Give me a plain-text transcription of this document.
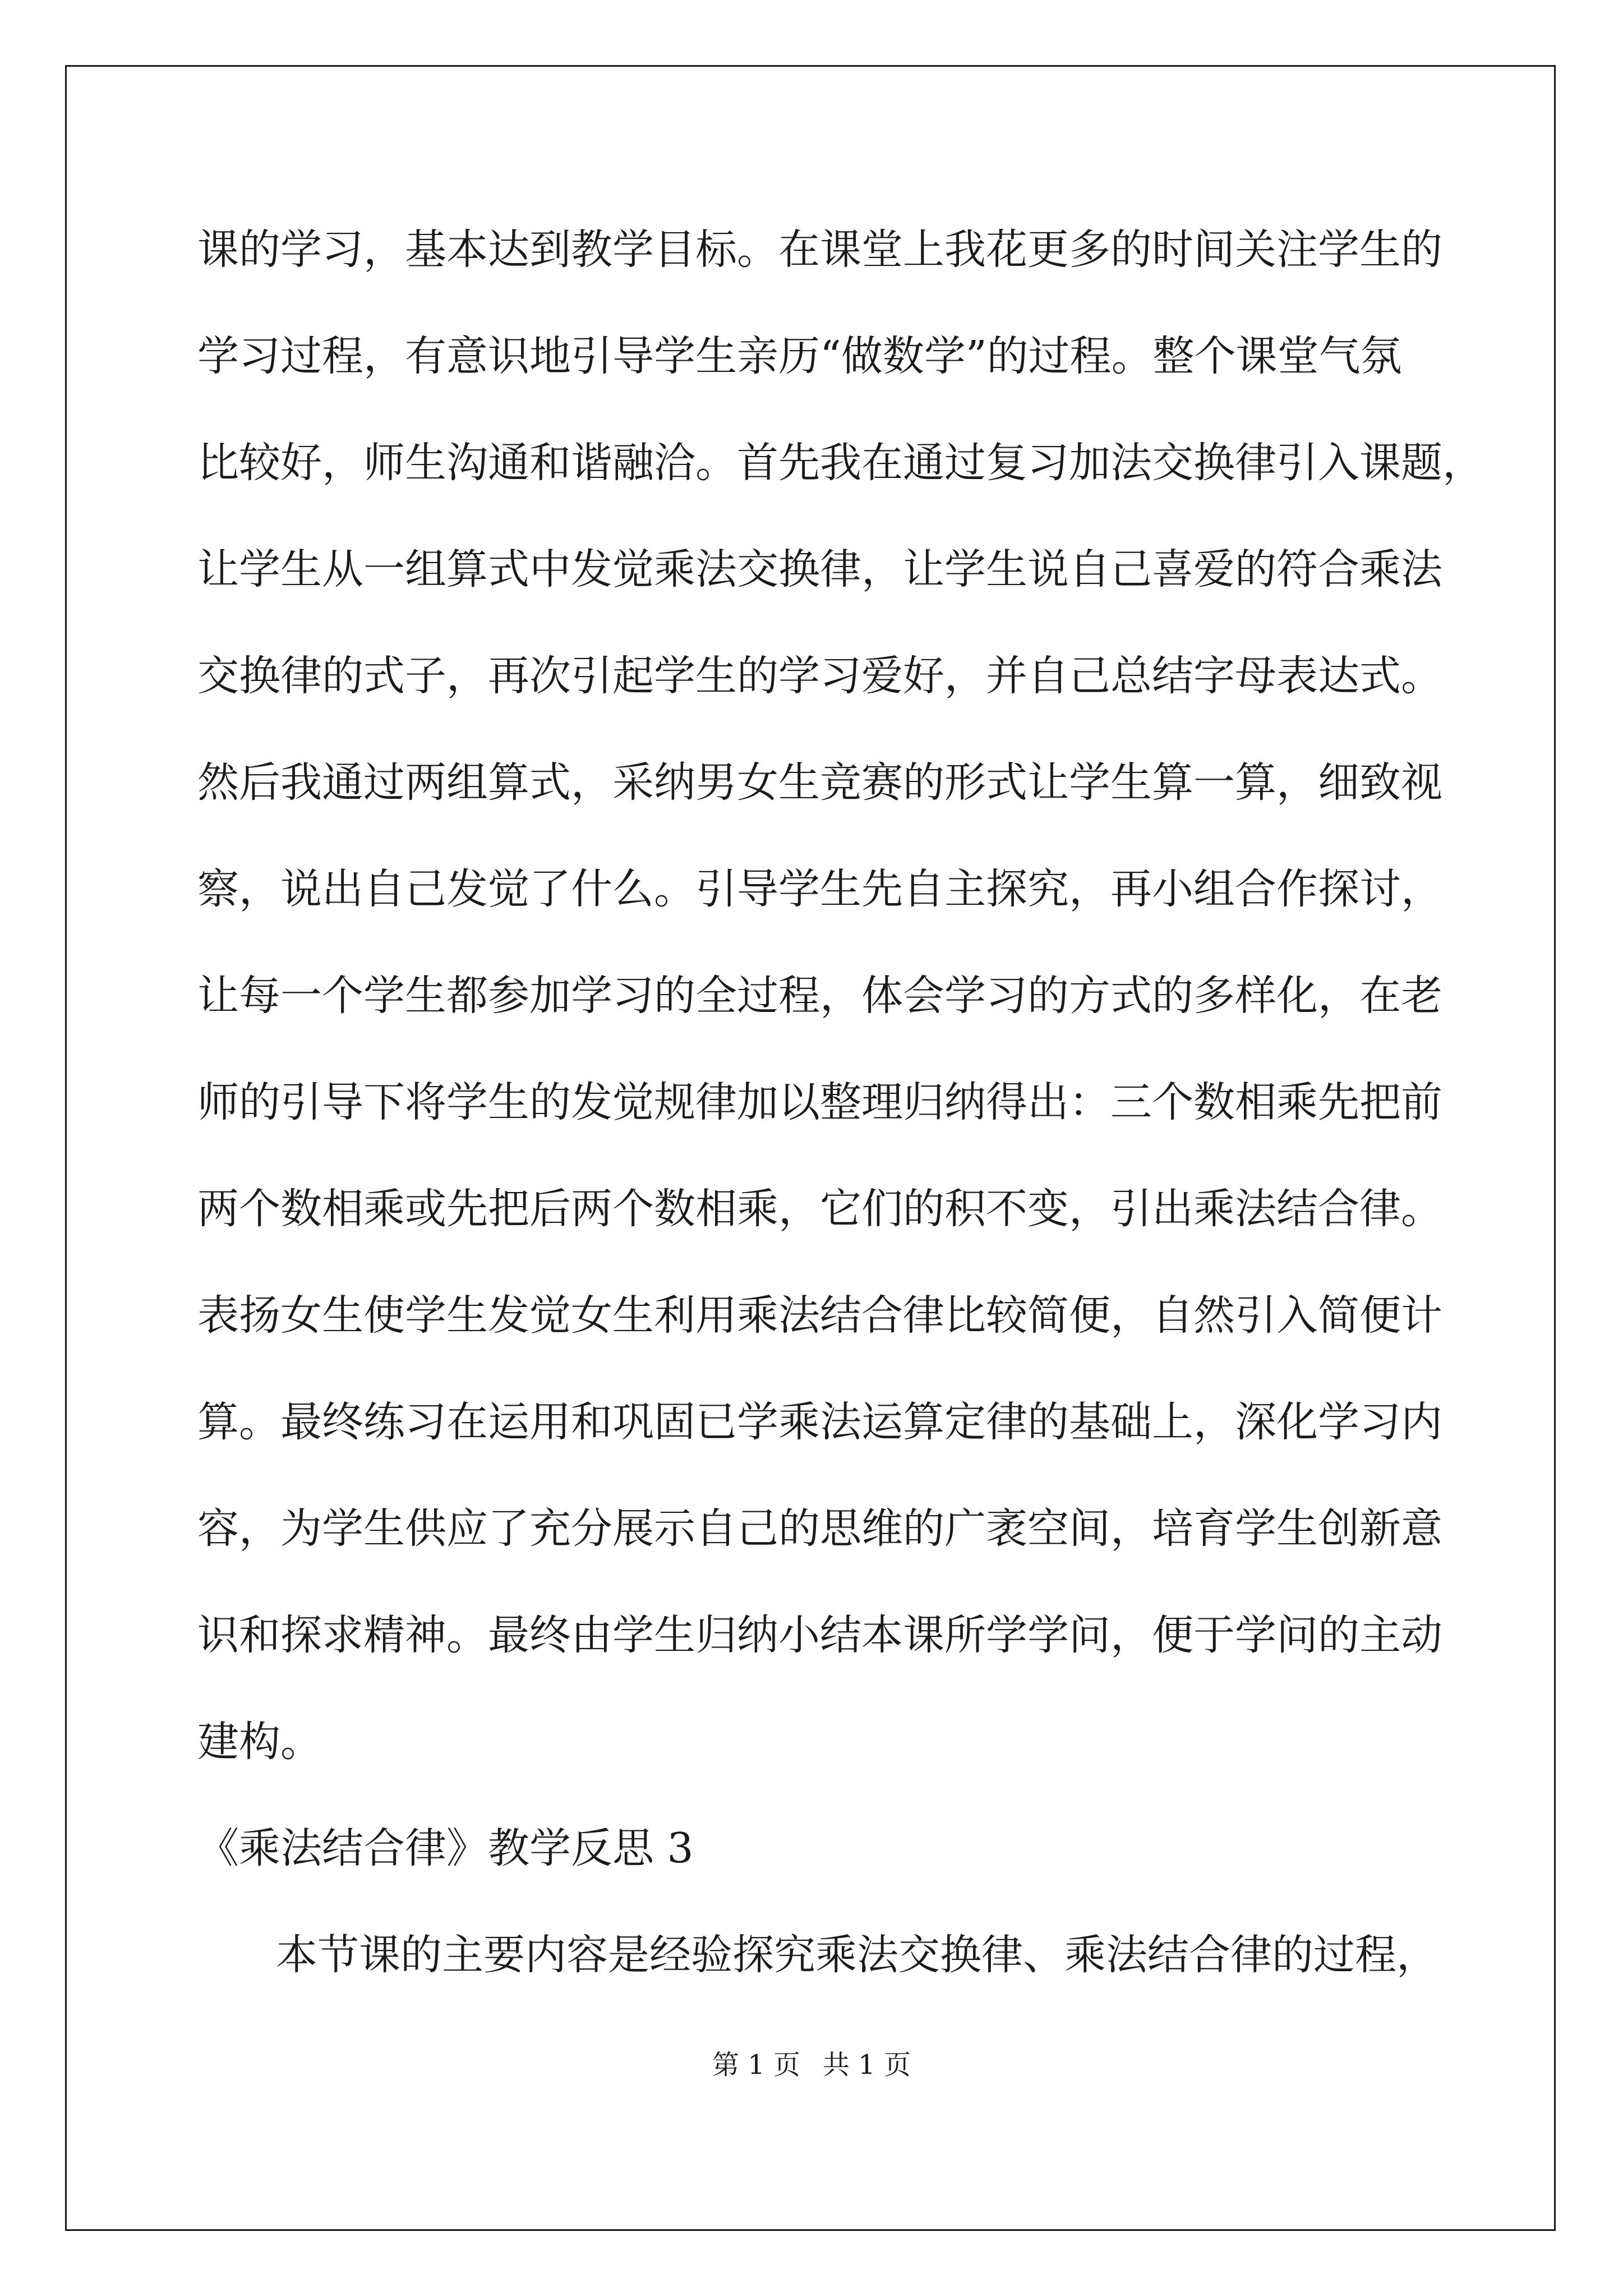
课的学习，基本达到教学目标。在课堂上我花更多的时间关注学生的
学习过程，有意识地引导学生亲历“做数学”的过程。整个课堂气氛
比较好，师生沟通和谐融洽。首先我在通过复习加法交换律引入课题，
让学生从一组算式中发觉乘法交换律，让学生说自己喜爱的符合乘法
交换律的式子，再次引起学生的学习爱好，并自己总结字母表达式。
然后我通过两组算式，采纳男女生竞赛的形式让学生算一算，细致视
察，说出自己发觉了什么。引导学生先自主探究，再小组合作探讨，
让每一个学生都参加学习的全过程，体会学习的方式的多样化，在老
师的引导下将学生的发觉规律加以整理归纳得出：三个数相乘先把前
两个数相乘或先把后两个数相乘，它们的积不变，引出乘法结合律。
表扬女生使学生发觉女生利用乘法结合律比较简便，自然引入简便计
算。最终练习在运用和巩固已学乘法运算定律的基础上，深化学习内
容，为学生供应了充分展示自己的思维的广袤空间，培育学生创新意
识和探求精神。最终由学生归纳小结本课所学学问，便于学问的主动
建构。
《乘法结合律》教学反思 3
本节课的主要内容是经验探究乘法交换律、乘法结合律的过程，
第 1 页 共 1 页
